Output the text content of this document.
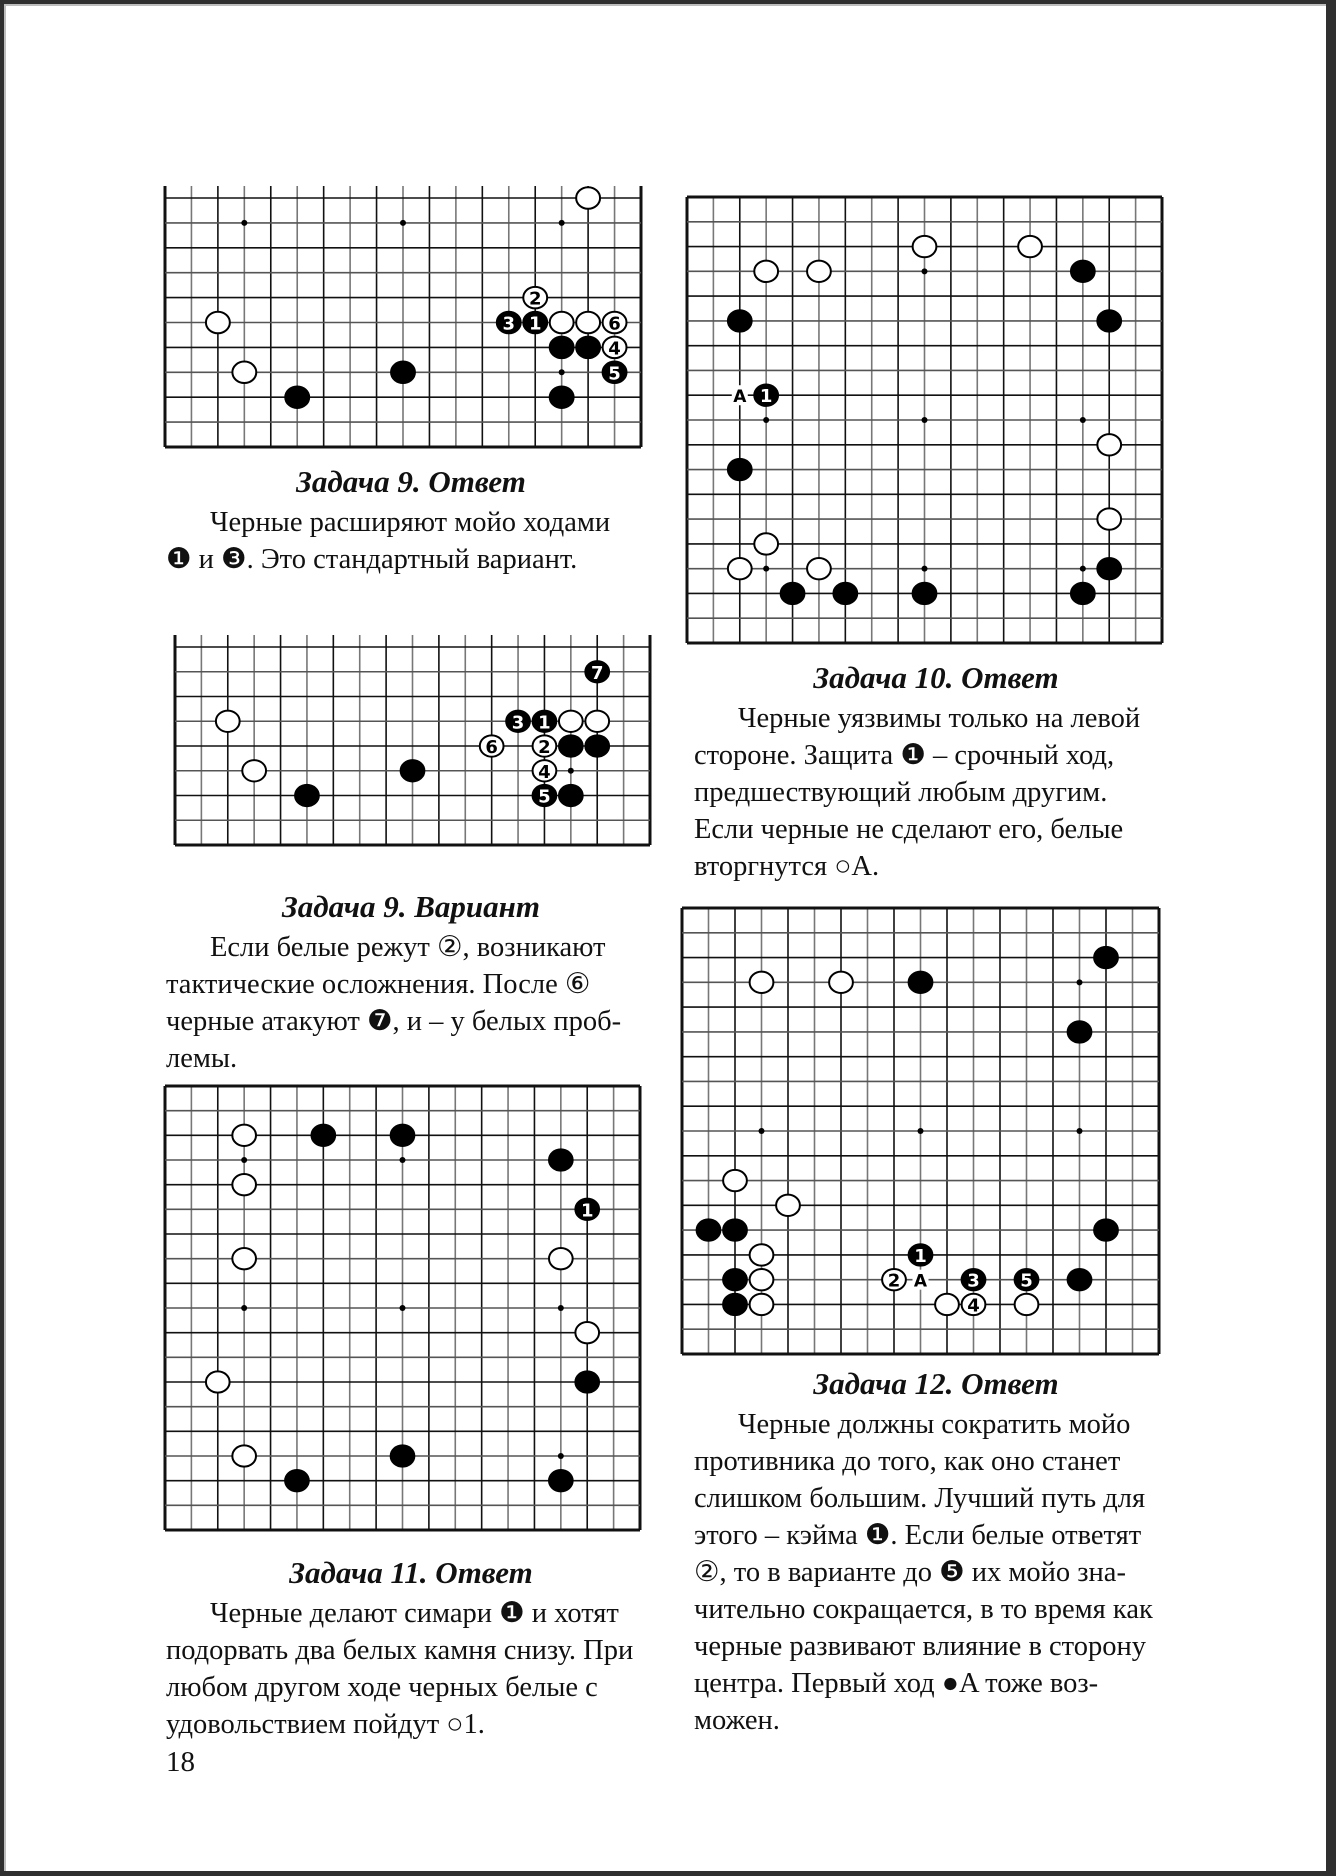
2
3 1	6
4
5
7
3 1
6 2
4
5
A 1
1
1
2 A 3 5
4
Задача 9. Ответ
Черные расширяют мойо ходами
❶ и ❸. Это стандартный вариант.
Задача 9. Вариант
Если белые режут ②, возникают
тактические осложнения. После ⑥
черные атакуют ❼, и – у белых проб-
лемы.
Задача 10. Ответ
Черные уязвимы только на левой
стороне. Защита ❶ – срочный ход,
предшествующий любым другим.
Если черные не сделают его, белые
вторгнутся ○A.
Задача 11. Ответ
Черные делают симари ❶ и хотят
подорвать два белых камня снизу. При
любом другом ходе черных белые с
удовольствием пойдут ○1.
Задача 12. Ответ
Черные должны сократить мойо
противника до того, как оно станет
слишком большим. Лучший путь для
этого – кэйма ❶. Если белые ответят
②, то в варианте до ❺ их мойо зна-
чительно сокращается, в то время как
черные развивают влияние в сторону
центра. Первый ход ●A тоже воз-
можен.
18
